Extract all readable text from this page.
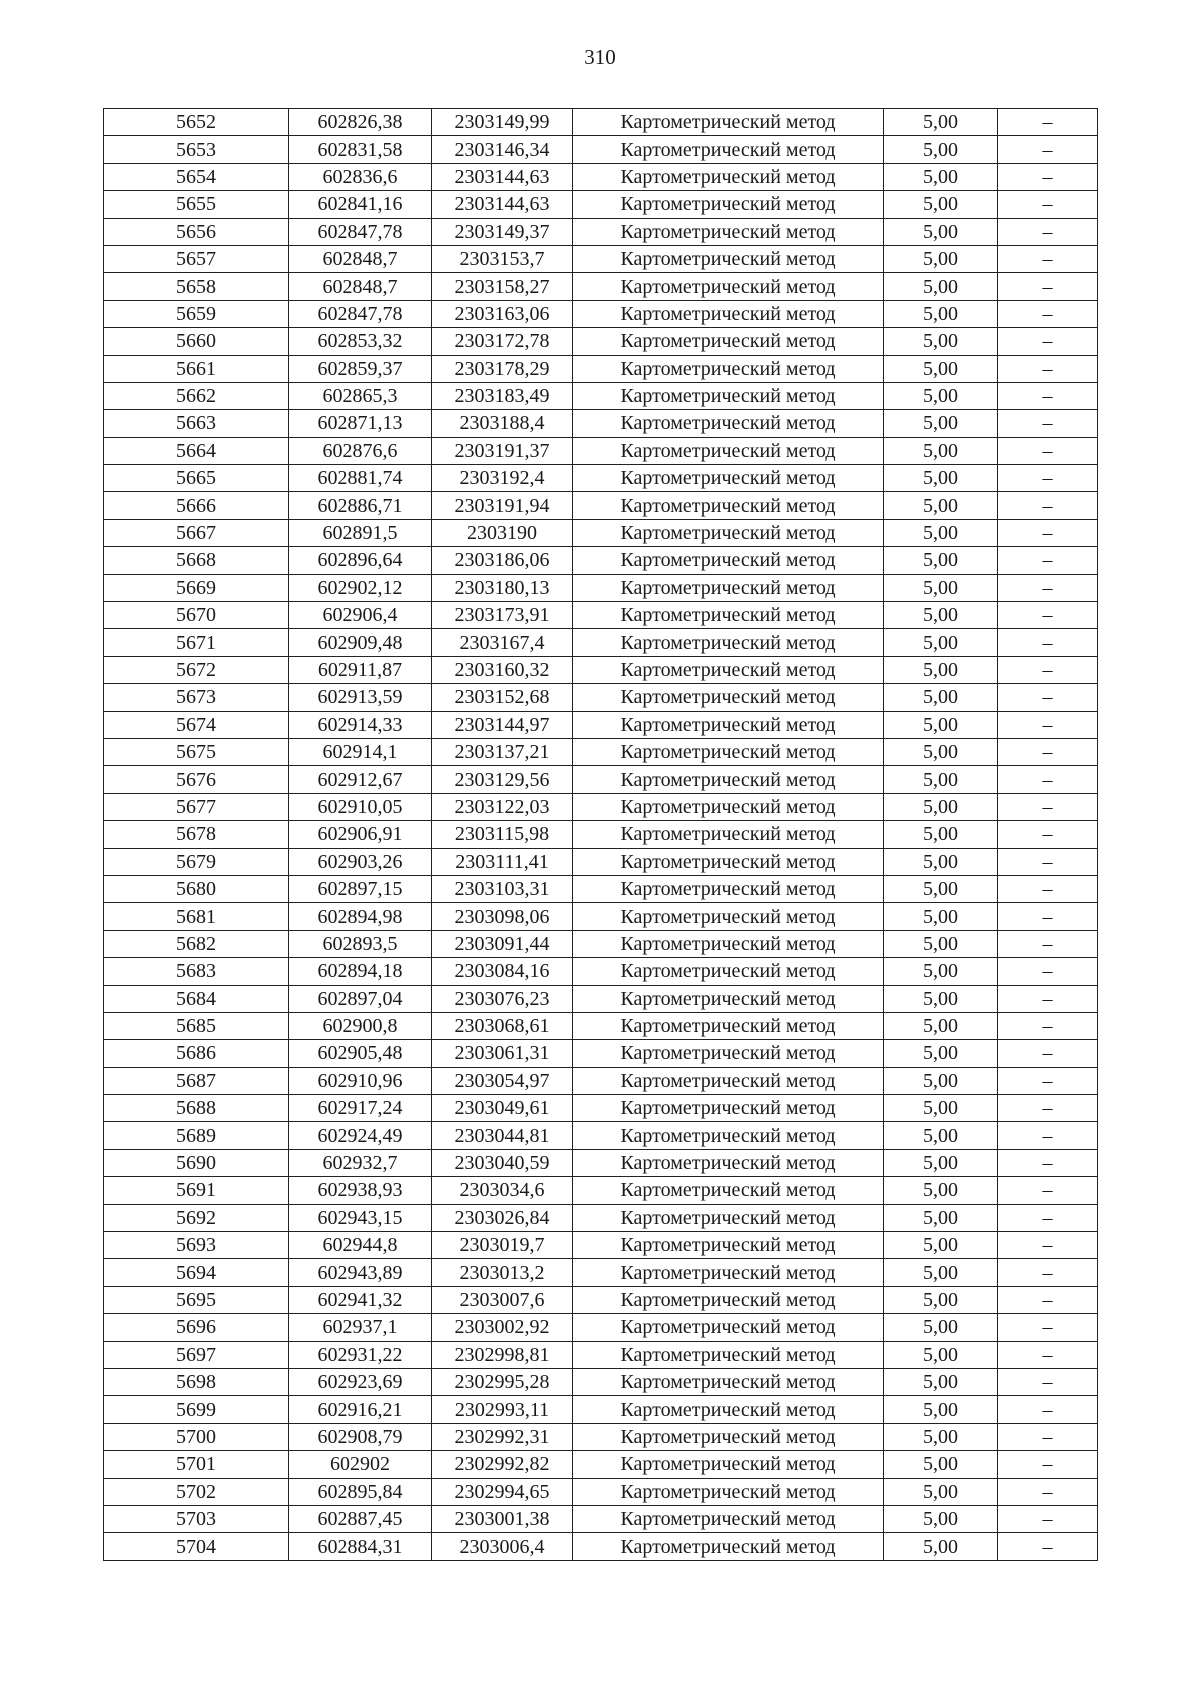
310
5652	602826,38	2303149,99	Картометрический метод	5,00	–
5653	602831,58	2303146,34	Картометрический метод	5,00	–
5654	602836,6	2303144,63	Картометрический метод	5,00	–
5655	602841,16	2303144,63	Картометрический метод	5,00	–
5656	602847,78	2303149,37	Картометрический метод	5,00	–
5657	602848,7	2303153,7	Картометрический метод	5,00	–
5658	602848,7	2303158,27	Картометрический метод	5,00	–
5659	602847,78	2303163,06	Картометрический метод	5,00	–
5660	602853,32	2303172,78	Картометрический метод	5,00	–
5661	602859,37	2303178,29	Картометрический метод	5,00	–
5662	602865,3	2303183,49	Картометрический метод	5,00	–
5663	602871,13	2303188,4	Картометрический метод	5,00	–
5664	602876,6	2303191,37	Картометрический метод	5,00	–
5665	602881,74	2303192,4	Картометрический метод	5,00	–
5666	602886,71	2303191,94	Картометрический метод	5,00	–
5667	602891,5	2303190	Картометрический метод	5,00	–
5668	602896,64	2303186,06	Картометрический метод	5,00	–
5669	602902,12	2303180,13	Картометрический метод	5,00	–
5670	602906,4	2303173,91	Картометрический метод	5,00	–
5671	602909,48	2303167,4	Картометрический метод	5,00	–
5672	602911,87	2303160,32	Картометрический метод	5,00	–
5673	602913,59	2303152,68	Картометрический метод	5,00	–
5674	602914,33	2303144,97	Картометрический метод	5,00	–
5675	602914,1	2303137,21	Картометрический метод	5,00	–
5676	602912,67	2303129,56	Картометрический метод	5,00	–
5677	602910,05	2303122,03	Картометрический метод	5,00	–
5678	602906,91	2303115,98	Картометрический метод	5,00	–
5679	602903,26	2303111,41	Картометрический метод	5,00	–
5680	602897,15	2303103,31	Картометрический метод	5,00	–
5681	602894,98	2303098,06	Картометрический метод	5,00	–
5682	602893,5	2303091,44	Картометрический метод	5,00	–
5683	602894,18	2303084,16	Картометрический метод	5,00	–
5684	602897,04	2303076,23	Картометрический метод	5,00	–
5685	602900,8	2303068,61	Картометрический метод	5,00	–
5686	602905,48	2303061,31	Картометрический метод	5,00	–
5687	602910,96	2303054,97	Картометрический метод	5,00	–
5688	602917,24	2303049,61	Картометрический метод	5,00	–
5689	602924,49	2303044,81	Картометрический метод	5,00	–
5690	602932,7	2303040,59	Картометрический метод	5,00	–
5691	602938,93	2303034,6	Картометрический метод	5,00	–
5692	602943,15	2303026,84	Картометрический метод	5,00	–
5693	602944,8	2303019,7	Картометрический метод	5,00	–
5694	602943,89	2303013,2	Картометрический метод	5,00	–
5695	602941,32	2303007,6	Картометрический метод	5,00	–
5696	602937,1	2303002,92	Картометрический метод	5,00	–
5697	602931,22	2302998,81	Картометрический метод	5,00	–
5698	602923,69	2302995,28	Картометрический метод	5,00	–
5699	602916,21	2302993,11	Картометрический метод	5,00	–
5700	602908,79	2302992,31	Картометрический метод	5,00	–
5701	602902	2302992,82	Картометрический метод	5,00	–
5702	602895,84	2302994,65	Картометрический метод	5,00	–
5703	602887,45	2303001,38	Картометрический метод	5,00	–
5704	602884,31	2303006,4	Картометрический метод	5,00	–
